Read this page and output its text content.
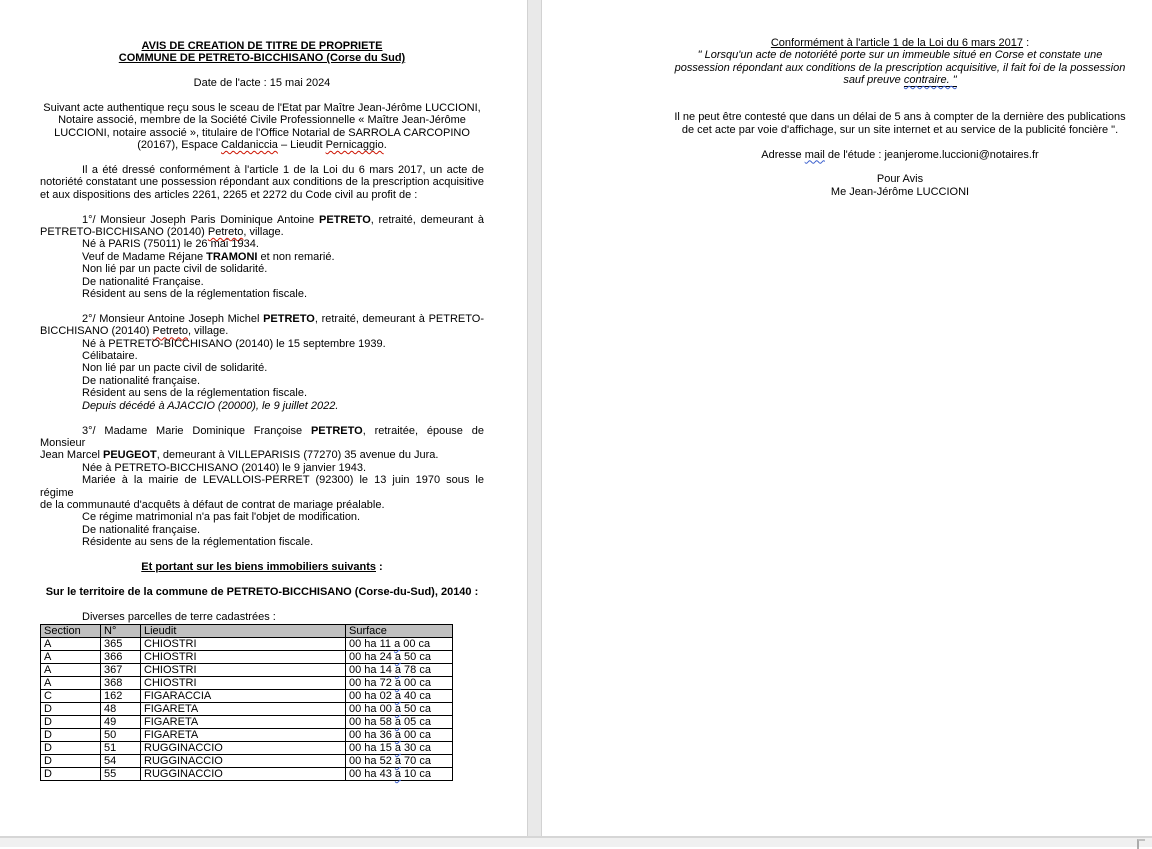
AVIS DE CREATION DE TITRE DE PROPRIETE
COMMUNE DE PETRETO-BICCHISANO (Corse du Sud)
Date de l'acte : 15 mai 2024
Suivant acte authentique reçu sous le sceau de l'Etat par Maître Jean-Jérôme LUCCIONI,
Notaire associé, membre de la Société Civile Professionnelle « Maître Jean-Jérôme
LUCCIONI, notaire associé », titulaire de l'Office Notarial de SARROLA CARCOPINO
(20167), Espace Caldaniccia – Lieudit Pernicaggio.
Il a été dressé conformément à l'article 1 de la Loi du 6 mars 2017, un acte de
notoriété constatant une possession répondant aux conditions de la prescription acquisitive
et aux dispositions des articles 2261, 2265 et 2272 du Code civil au profit de :
1°/ Monsieur Joseph Paris Dominique Antoine PETRETO, retraité, demeurant à
PETRETO-BICCHISANO (20140) Petreto, village.
Né à PARIS (75011) le 26 mai 1934.
Veuf de Madame Réjane TRAMONI et non remarié.
Non lié par un pacte civil de solidarité.
De nationalité Française.
Résident au sens de la réglementation fiscale.
2°/ Monsieur Antoine Joseph Michel PETRETO, retraité, demeurant à PETRETO-
BICCHISANO (20140) Petreto, village.
Né à PETRETO-BICCHISANO (20140) le 15 septembre 1939.
Célibataire.
Non lié par un pacte civil de solidarité.
De nationalité française.
Résident au sens de la réglementation fiscale.
Depuis décédé à AJACCIO (20000), le 9 juillet 2022.
3°/ Madame Marie Dominique Françoise PETRETO, retraitée, épouse de Monsieur
Jean Marcel PEUGEOT, demeurant à VILLEPARISIS (77270) 35 avenue du Jura.
Née à PETRETO-BICCHISANO (20140) le 9 janvier 1943.
Mariée à la mairie de LEVALLOIS-PERRET (92300) le 13 juin 1970 sous le régime
de la communauté d'acquêts à défaut de contrat de mariage préalable.
Ce régime matrimonial n'a pas fait l'objet de modification.
De nationalité française.
Résidente au sens de la réglementation fiscale.
Et portant sur les biens immobiliers suivants :
Sur le territoire de la commune de PETRETO-BICCHISANO (Corse-du-Sud), 20140 :
Diverses parcelles de terre cadastrées :
Section	N°	Lieudit	Surface
A	365	CHIOSTRI	00 ha 11 a 00 ca
A	366	CHIOSTRI	00 ha 24 a 50 ca
A	367	CHIOSTRI	00 ha 14 a 78 ca
A	368	CHIOSTRI	00 ha 72 a 00 ca
C	162	FIGARACCIA	00 ha 02 a 40 ca
D	48	FIGARETA	00 ha 00 a 50 ca
D	49	FIGARETA	00 ha 58 a 05 ca
D	50	FIGARETA	00 ha 36 a 00 ca
D	51	RUGGINACCIO	00 ha 15 a 30 ca
D	54	RUGGINACCIO	00 ha 52 a 70 ca
D	55	RUGGINACCIO	00 ha 43 a 10 ca
Conformément à l'article 1 de la Loi du 6 mars 2017 :
" Lorsqu'un acte de notoriété porte sur un immeuble situé en Corse et constate une
possession répondant aux conditions de la prescription acquisitive, il fait foi de la possession
sauf preuve contraire. "
Il ne peut être contesté que dans un délai de 5 ans à compter de la dernière des publications
de cet acte par voie d'affichage, sur un site internet et au service de la publicité foncière ".
Adresse mail de l'étude : jeanjerome.luccioni@notaires.fr
Pour Avis
Me Jean-Jérôme LUCCIONI
